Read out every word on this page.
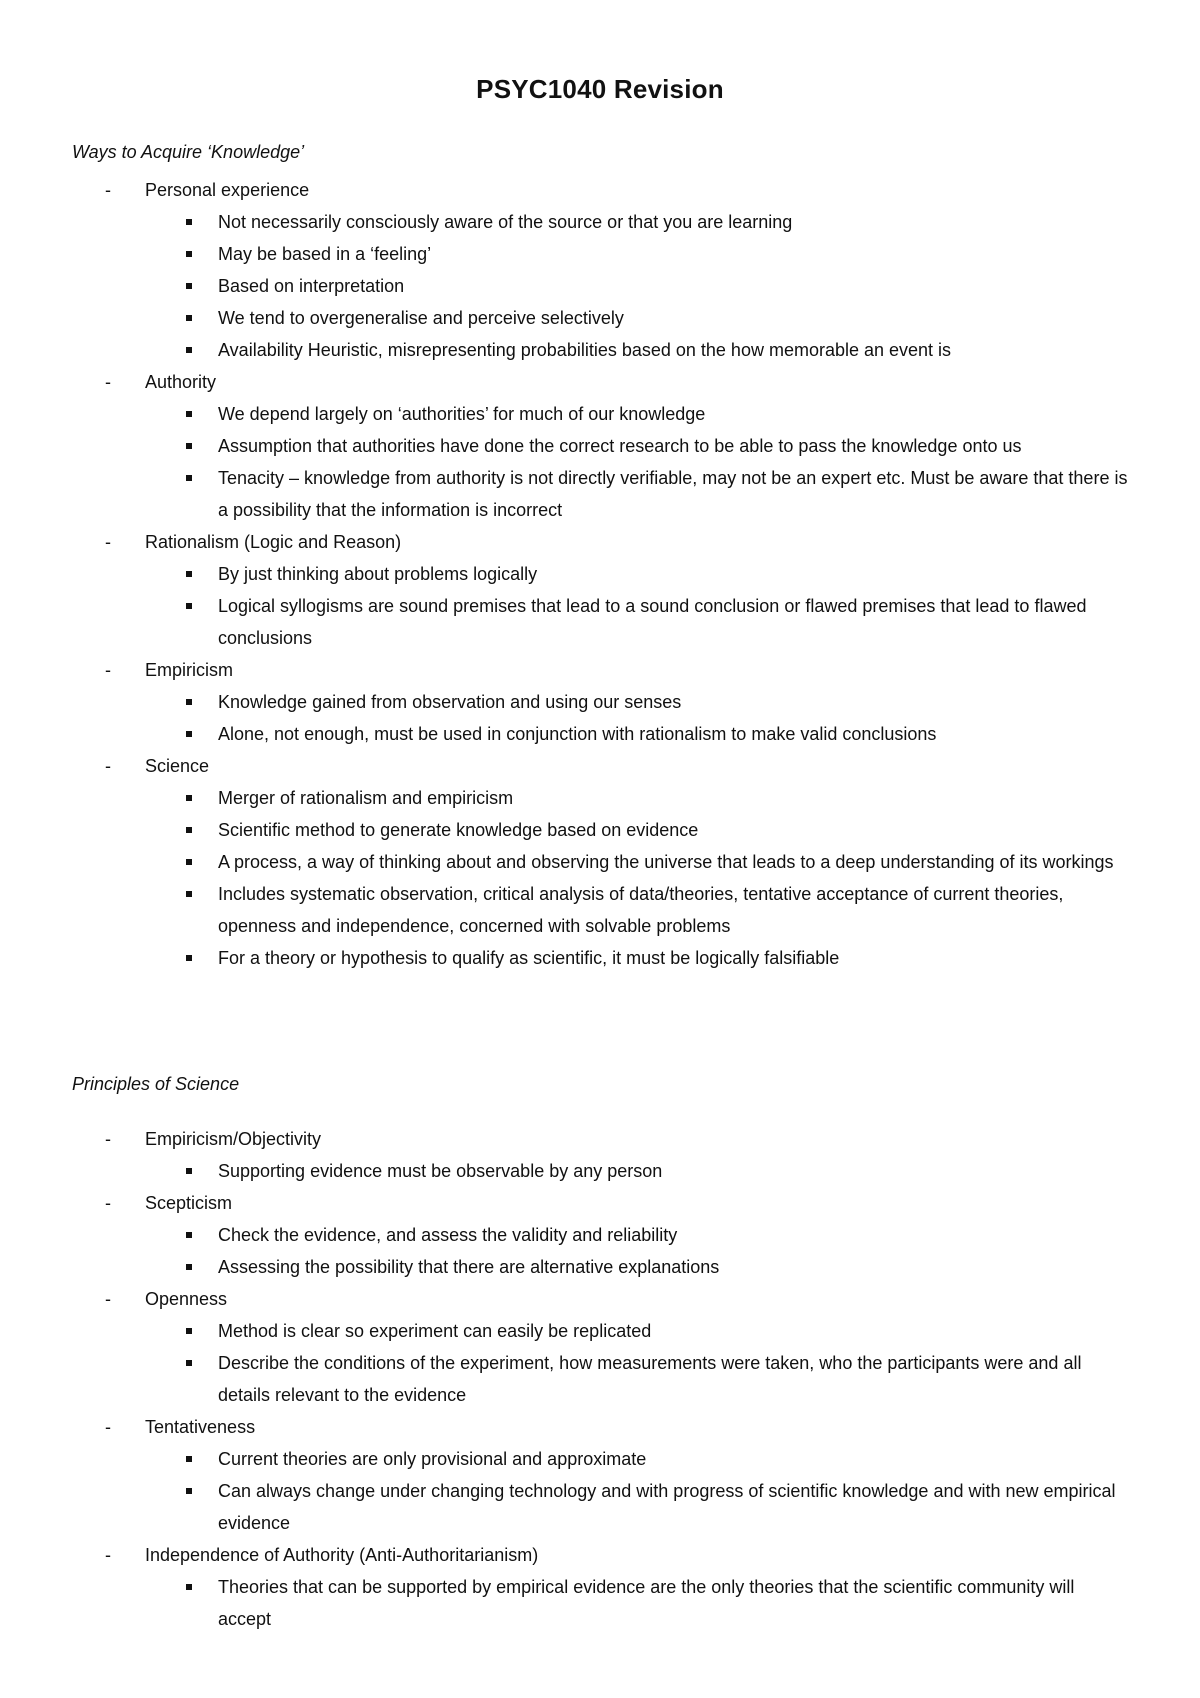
PSYC1040 Revision
Ways to Acquire ‘Knowledge’
-	Personal experience
Not necessarily consciously aware of the source or that you are learning
May be based in a ‘feeling’
Based on interpretation
We tend to overgeneralise and perceive selectively
Availability Heuristic, misrepresenting probabilities based on the how memorable an event is
-	Authority
We depend largely on ‘authorities’ for much of our knowledge
Assumption that authorities have done the correct research to be able to pass the knowledge onto us
Tenacity – knowledge from authority is not directly verifiable, may not be an expert etc. Must be aware that there is a possibility that the information is incorrect
-	Rationalism (Logic and Reason)
By just thinking about problems logically
Logical syllogisms are sound premises that lead to a sound conclusion or flawed premises that lead to flawed conclusions
-	Empiricism
Knowledge gained from observation and using our senses
Alone, not enough, must be used in conjunction with rationalism to make valid conclusions
-	Science
Merger of rationalism and empiricism
Scientific method to generate knowledge based on evidence
A process, a way of thinking about and observing the universe that leads to a deep understanding of its workings
Includes systematic observation, critical analysis of data/theories, tentative acceptance of current theories, openness and independence, concerned with solvable problems
For a theory or hypothesis to qualify as scientific, it must be logically falsifiable
Principles of Science
-	Empiricism/Objectivity
Supporting evidence must be observable by any person
-	Scepticism
Check the evidence, and assess the validity and reliability
Assessing the possibility that there are alternative explanations
-	Openness
Method is clear so experiment can easily be replicated
Describe the conditions of the experiment, how measurements were taken, who the participants were and all details relevant to the evidence
-	Tentativeness
Current theories are only provisional and approximate
Can always change under changing technology and with progress of scientific knowledge and with new empirical evidence
-	Independence of Authority (Anti-Authoritarianism)
Theories that can be supported by empirical evidence are the only theories that the scientific community will accept
